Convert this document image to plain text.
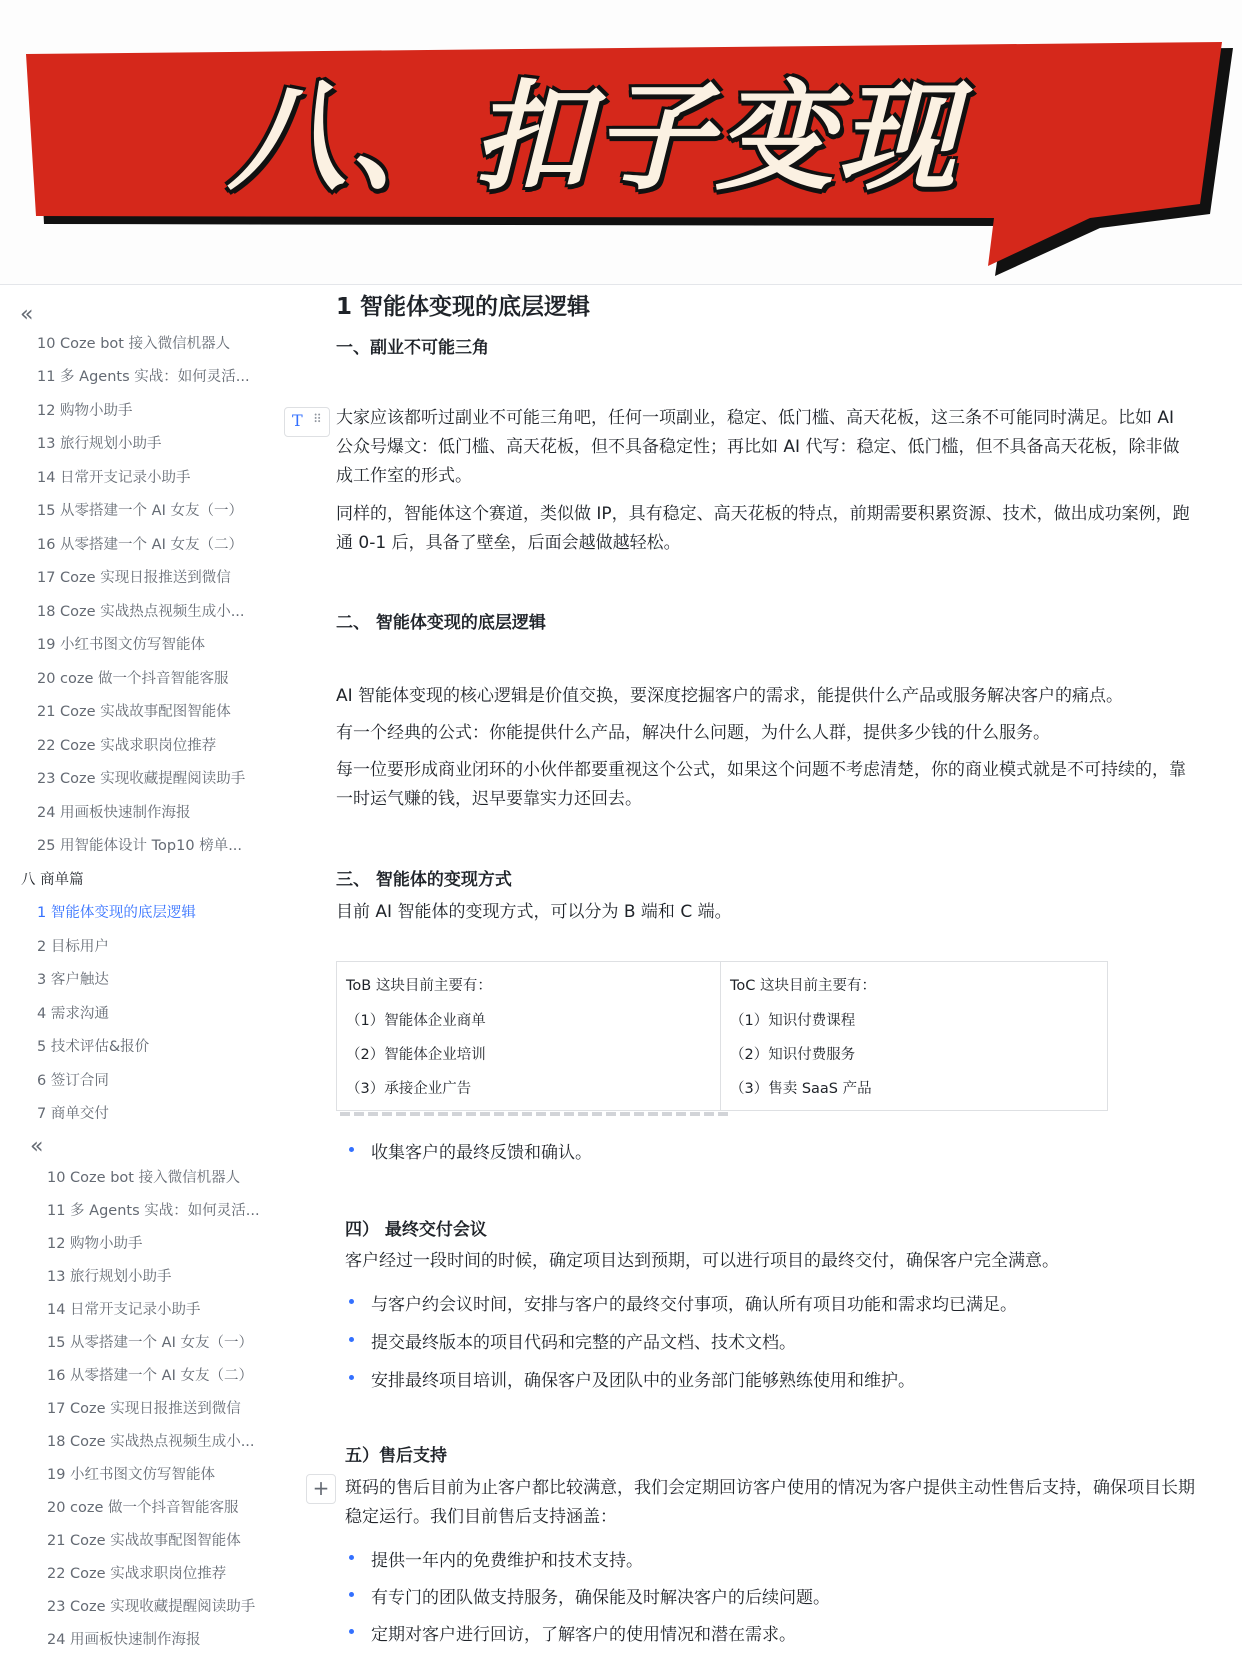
八、扣子变现
«
10 Coze bot 接入微信机器人
11 多 Agents 实战：如何灵活...
12 购物小助手
13 旅行规划小助手
14 日常开支记录小助手
15 从零搭建一个 AI 女友（一）
16 从零搭建一个 AI 女友（二）
17 Coze 实现日报推送到微信
18 Coze 实战热点视频生成小...
19 小红书图文仿写智能体
20 coze 做一个抖音智能客服
21 Coze 实战故事配图智能体
22 Coze 实战求职岗位推荐
23 Coze 实现收藏提醒阅读助手
24 用画板快速制作海报
25 用智能体设计 Top10 榜单...
八 商单篇
1 智能体变现的底层逻辑
2 目标用户
3 客户触达
4 需求沟通
5 技术评估&报价
6 签订合同
7 商单交付
«
10 Coze bot 接入微信机器人
11 多 Agents 实战：如何灵活...
12 购物小助手
13 旅行规划小助手
14 日常开支记录小助手
15 从零搭建一个 AI 女友（一）
16 从零搭建一个 AI 女友（二）
17 Coze 实现日报推送到微信
18 Coze 实战热点视频生成小...
19 小红书图文仿写智能体
20 coze 做一个抖音智能客服
21 Coze 实战故事配图智能体
22 Coze 实战求职岗位推荐
23 Coze 实现收藏提醒阅读助手
24 用画板快速制作海报
T ⠿
+
1 智能体变现的底层逻辑
一、副业不可能三角
大家应该都听过副业不可能三角吧，任何一项副业，稳定、低门槛、高天花板，这三条不可能同时满足。比如 AI
公众号爆文：低门槛、高天花板，但不具备稳定性；再比如 AI 代写：稳定、低门槛，但不具备高天花板，除非做
成工作室的形式。
同样的，智能体这个赛道，类似做 IP，具有稳定、高天花板的特点，前期需要积累资源、技术，做出成功案例，跑
通 0-1 后，具备了壁垒，后面会越做越轻松。
二、 智能体变现的底层逻辑
AI 智能体变现的核心逻辑是价值交换，要深度挖掘客户的需求，能提供什么产品或服务解决客户的痛点。
有一个经典的公式：你能提供什么产品，解决什么问题，为什么人群，提供多少钱的什么服务。
每一位要形成商业闭环的小伙伴都要重视这个公式，如果这个问题不考虑清楚，你的商业模式就是不可持续的，靠
一时运气赚的钱，迟早要靠实力还回去。
三、 智能体的变现方式
目前 AI 智能体的变现方式，可以分为 B 端和 C 端。
ToB 这块目前主要有：
（1）智能体企业商单
（2）智能体企业培训
（3）承接企业广告
ToC 这块目前主要有：
（1）知识付费课程
（2）知识付费服务
（3）售卖 SaaS 产品
收集客户的最终反馈和确认。
四） 最终交付会议
客户经过一段时间的时候，确定项目达到预期，可以进行项目的最终交付，确保客户完全满意。
与客户约会议时间，安排与客户的最终交付事项，确认所有项目功能和需求均已满足。
提交最终版本的项目代码和完整的产品文档、技术文档。
安排最终项目培训，确保客户及团队中的业务部门能够熟练使用和维护。
五）售后支持
斑码的售后目前为止客户都比较满意，我们会定期回访客户使用的情况为客户提供主动性售后支持，确保项目长期
稳定运行。我们目前售后支持涵盖：
提供一年内的免费维护和技术支持。
有专门的团队做支持服务，确保能及时解决客户的后续问题。
定期对客户进行回访，了解客户的使用情况和潜在需求。
